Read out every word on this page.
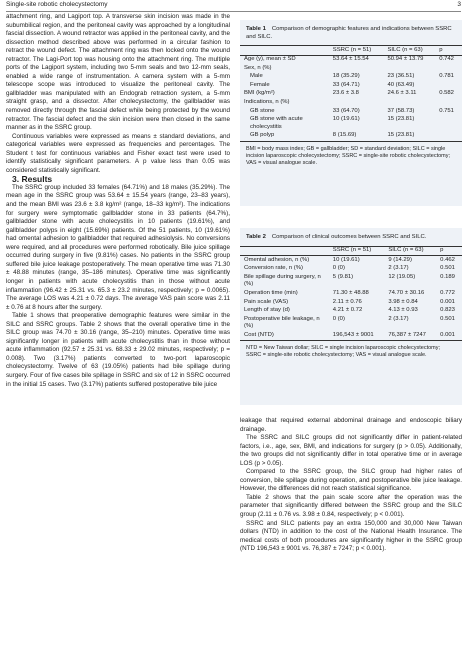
Single-site robotic cholecystectomy	3

attachment ring, and Lagiport top. A transverse skin incision was made in the subumbilical region, and the peritoneal cavity was approached by a longitudinal fascial dissection. A wound retractor was applied in the peritoneal cavity, and the dissection method described above was performed in a circular fashion to retract the wound defect. The attachment ring was then locked onto the wound retractor. The Lagi-Port top was housing onto the attachment ring. The multiple ports of the Lagiport system, including two 5-mm seals and two 12-mm seals, enabled a wide range of instrumentation. A camera system with a 5-mm telescope scope was introduced to visualize the peritoneal cavity. The gallbladder was manipulated with an Endograb retraction system, a 5-mm straight grasp, and a dissector. After cholecystectomy, the gallbladder was removed directly through the fascial defect while being protected by the wound retractor. The fascial defect and the skin incision were then closed in the same manner as in the SSRC group.

Continuous variables were expressed as means ± standard deviations, and categorical variables were expressed as frequencies and percentages. The Student t test for continuous variables and Fisher exact test were used to identify statistically significant parameters. A p value less than 0.05 was considered statistically significant.

3. Results

The SSRC group included 33 females (64.71%) and 18 males (35.29%). The mean age in the SSRC group was 53.64 ± 15.54 years (range, 23–83 years), and the mean BMI was 23.6 ± 3.8 kg/m² (range, 18–33 kg/m²). The indications for surgery were symptomatic gallbladder stone in 33 patients (64.7%), gallbladder stone with acute cholecystitis in 10 patients (19.61%), and gallbladder polyps in eight (15.69%) patients. Of the 51 patients, 10 (19.61%) had omental adhesion to gallbladder that required adhesiolysis. No conversions were required, and all procedures were performed robotically. Bile juice spillage occurred during surgery in five (9.81%) cases. No patients in the SSRC group suffered bile juice leakage postoperatively. The mean operative time was 71.30 ± 48.88 minutes (range, 35–186 minutes). Operative time was significantly longer in patients with acute cholecystitis than in those without acute inflammation (96.42 ± 25.31 vs. 65.3 ± 23.2 minutes, respectively; p = 0.0065). The average LOS was 4.21 ± 0.72 days. The average VAS pain score was 2.11 ± 0.76 at 8 hours after the surgery.

Table 1 shows that preoperative demographic features were similar in the SILC and SSRC groups. Table 2 shows that the overall operative time in the SILC group was 74.70 ± 30.16 (range, 35–210) minutes. Operative time was significantly longer in patients with acute cholecystitis than in those without acute inflammation (92.57 ± 25.31 vs. 68.33 ± 29.02 minutes, respectively; p = 0.008). Two (3.17%) patients converted to two-port laparoscopic cholecystectomy. Twelve of 63 (19.05%) patients had bile spillage during surgery. Four of five cases bile spillage in SSRC and six of 12 in SSRC occurred in the initial 15 cases. Two (3.17%) patients suffered postoperative bile juice

Table 1 Comparison of demographic features and indications between SSRC and SILC.
	SSRC (n = 51)	SILC (n = 63)	p
Age (y), mean ± SD	53.64 ± 15.54	50.94 ± 13.79	0.742
Sex, n (%)			
Male	18 (35.29)	23 (36.51)	0.781
Female	33 (64.71)	40 (63.49)	
BMI (kg/m²)	23.6 ± 3.8	24.6 ± 3.11	0.582
Indications, n (%)			
GB stone	33 (64.70)	37 (58.73)	0.751
GB stone with acute cholecystitis	10 (19.61)	15 (23.81)	
GB polyp	8 (15.69)	15 (23.81)	
BMI = body mass index; GB = gallbladder; SD = standard deviation; SILC = single incision laparoscopic cholecystectomy; SSRC = single-site robotic cholecystectomy; VAS = visual analogue scale.
Table 2 Comparison of clinical outcomes between SSRC and SILC.
	SSRC (n = 51)	SILC (n = 63)	p
Omental adhesion, n (%)	10 (19.61)	9 (14.29)	0.462
Conversion rate, n (%)	0 (0)	2 (3.17)	0.501
Bile spillage during surgery, n (%)	5 (9.81)	12 (19.05)	0.189
Operation time (min)	71.30 ± 48.88	74.70 ± 30.16	0.772
Pain scale (VAS)	2.11 ± 0.76	3.98 ± 0.84	0.001
Length of stay (d)	4.21 ± 0.72	4.13 ± 0.93	0.823
Postoperative bile leakage, n (%)	0 (0)	2 (3.17)	0.501
Cost (NTD)	196,543 ± 9001	76,387 ± 7247	0.001
NTD = New Taiwan dollar; SILC = single incision laparoscopic cholecystectomy; SSRC = single-site robotic cholecystectomy; VAS = visual analogue scale.

leakage that required external abdominal drainage and endoscopic biliary drainage.

The SSRC and SILC groups did not significantly differ in patient-related factors, i.e., age, sex, BMI, and indications for surgery (p > 0.05). Additionally, the two groups did not significantly differ in total operative time or in average LOS (p > 0.05).

Compared to the SSRC group, the SILC group had higher rates of conversion, bile spillage during operation, and postoperative bile juice leakage. However, the differences did not reach statistical significance.

Table 2 shows that the pain scale score after the operation was the parameter that significantly differed between the SSRC group and the SILC group (2.11 ± 0.76 vs. 3.98 ± 0.84, respectively; p < 0.001).

SSRC and SILC patients pay an extra 150,000 and 30,000 New Taiwan dollars (NTD) in addition to the cost of the National Health Insurance. The medical costs of both procedures are significantly higher in the SSRC group (NTD 196,543 ± 9001 vs. 76,387 ± 7247; p < 0.001).
